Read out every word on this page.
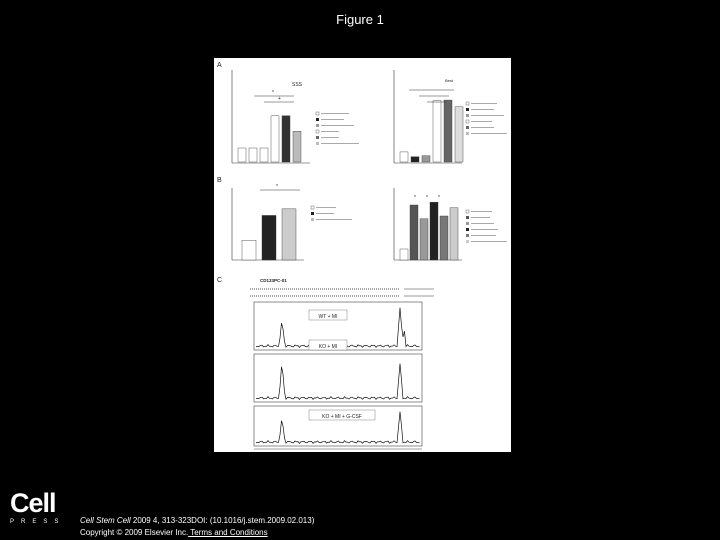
Figure 1
A
B
C
SSS
*
+
Best
*
* * *
CD133PC-01
WT + MI
KO + MI
KO + MI + G-CSF
Cell
PRESS	Cell Stem Cell 2009 4, 313-323DOI: (10.1016/j.stem.2009.02.013)
Copyright © 2009 Elsevier Inc. Terms and Conditions
